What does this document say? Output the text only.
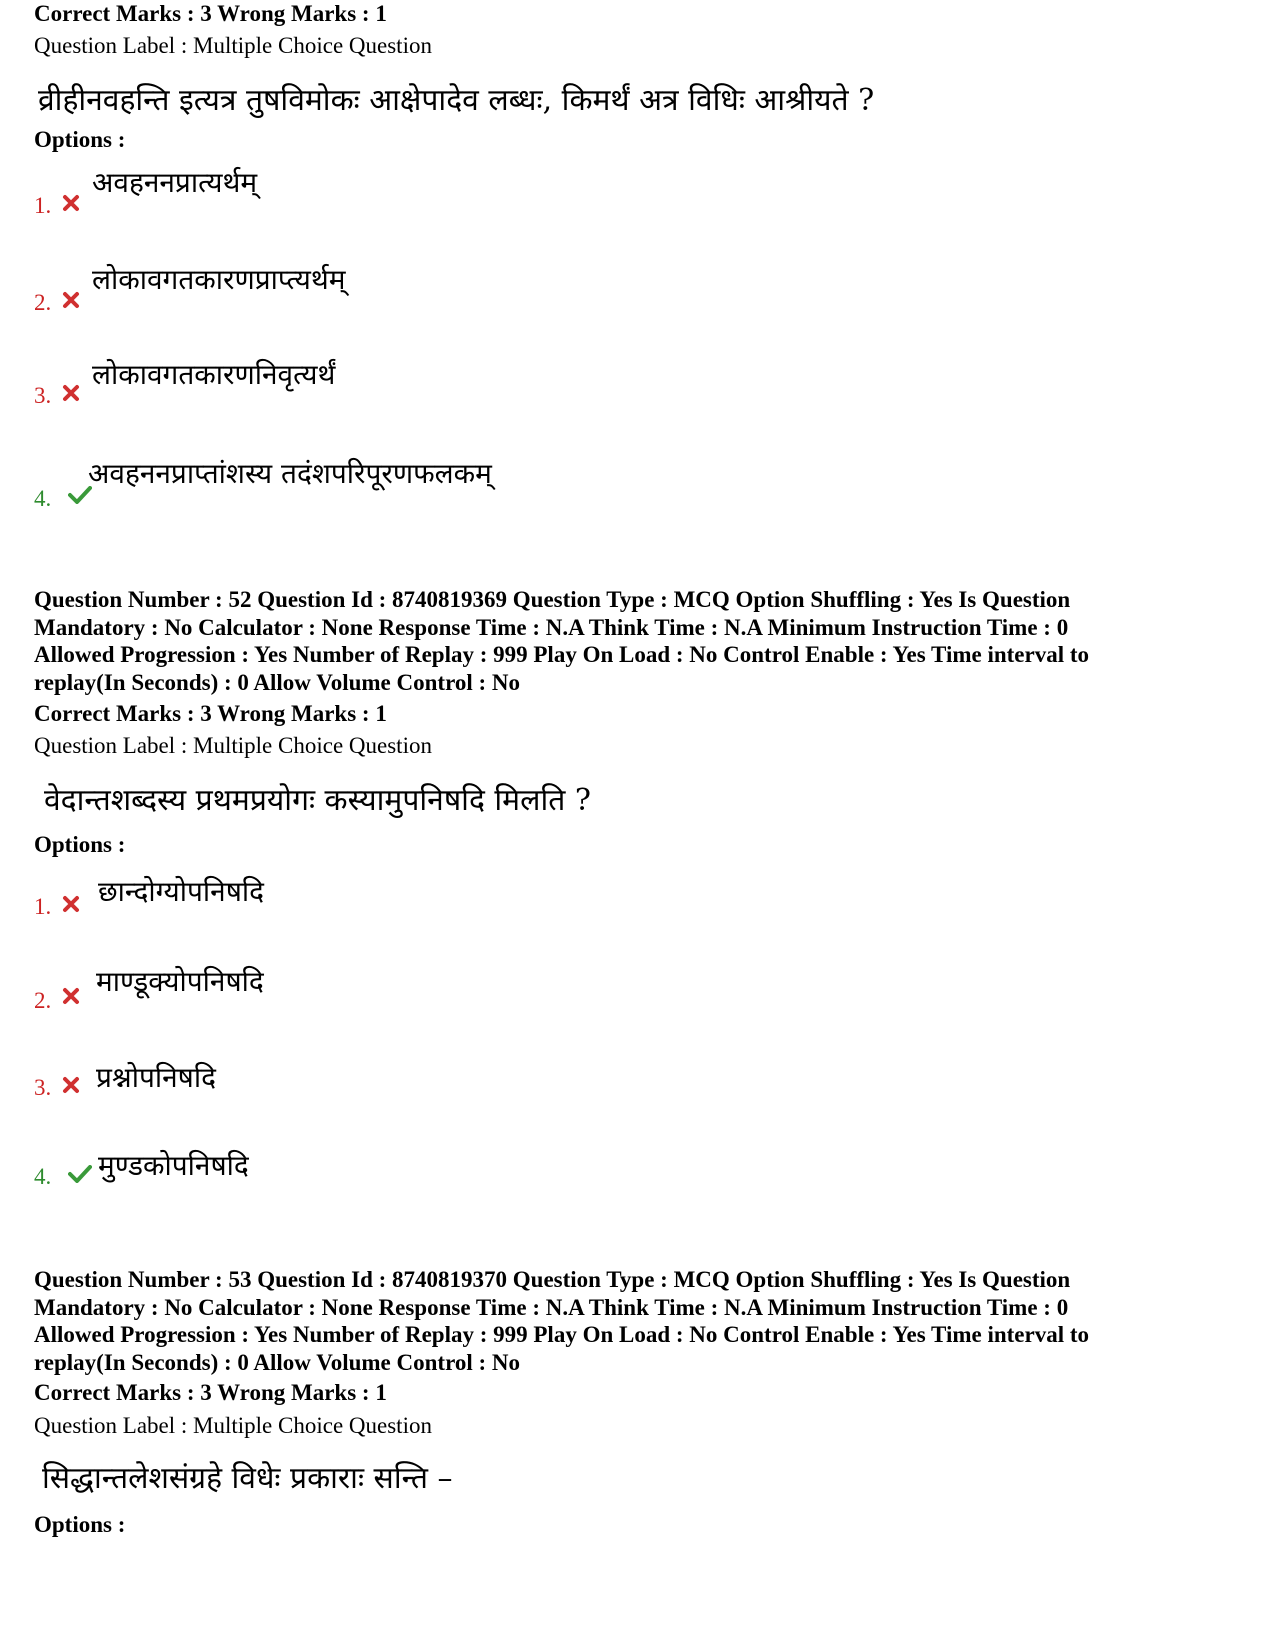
Correct Marks : 3 Wrong Marks : 1
Question Label : Multiple Choice Question
व्रीहीनवहन्ति इत्यत्र तुषविमोकः आक्षेपादेव लब्धः, किमर्थं अत्र विधिः आश्रीयते ?
Options :
1.
अवहननप्रात्यर्थम्
2.
लोकावगतकारणप्राप्त्यर्थम्
3.
लोकावगतकारणनिवृत्यर्थं
4.
अवहननप्राप्तांशस्य तदंशपरिपूरणफलकम्
Question Number : 52 Question Id : 8740819369 Question Type : MCQ Option Shuffling : Yes Is Question
Mandatory : No Calculator : None Response Time : N.A Think Time : N.A Minimum Instruction Time : 0
Allowed Progression : Yes Number of Replay : 999 Play On Load : No Control Enable : Yes Time interval to
replay(In Seconds) : 0 Allow Volume Control : No
Correct Marks : 3 Wrong Marks : 1
Question Label : Multiple Choice Question
वेदान्तशब्दस्य प्रथमप्रयोगः कस्यामुपनिषदि मिलति ?
Options :
1. छान्दोग्योपनिषदि
2.
माण्डूक्योपनिषदि
3. प्रश्नोपनिषदि
4. मुण्डकोपनिषदि
Question Number : 53 Question Id : 8740819370 Question Type : MCQ Option Shuffling : Yes Is Question
Mandatory : No Calculator : None Response Time : N.A Think Time : N.A Minimum Instruction Time : 0
Allowed Progression : Yes Number of Replay : 999 Play On Load : No Control Enable : Yes Time interval to
replay(In Seconds) : 0 Allow Volume Control : No
Correct Marks : 3 Wrong Marks : 1
Question Label : Multiple Choice Question
सिद्धान्तलेशसंग्रहे विधेः प्रकाराः सन्ति –
Options :
